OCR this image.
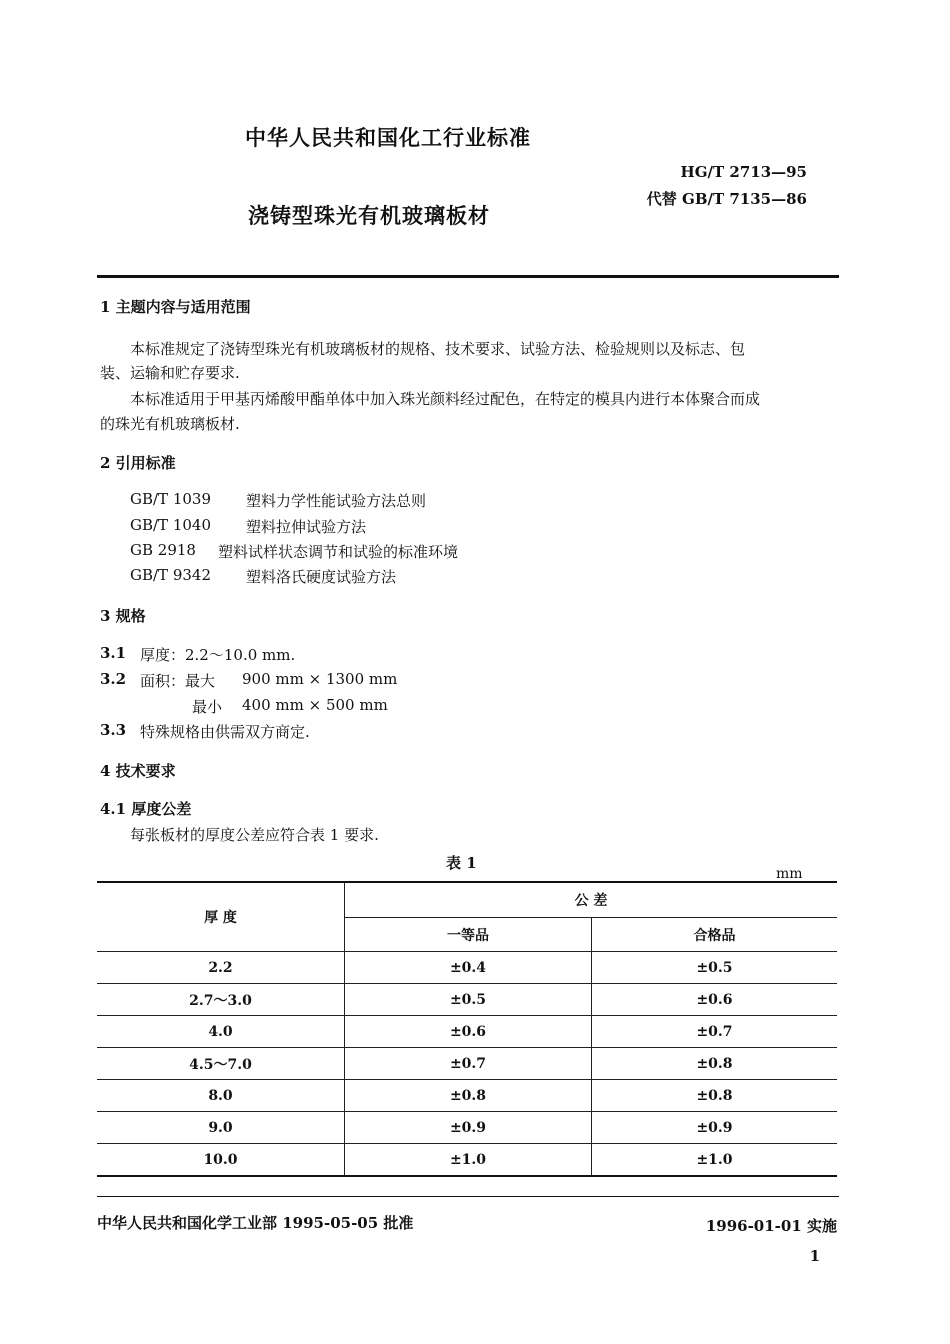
中华人民共和国化工行业标准
HG/T 2713—95
代替 GB/T 7135—86
浇铸型珠光有机玻璃板材
1 主题内容与适用范围
本标准规定了浇铸型珠光有机玻璃板材的规格、技术要求、试验方法、检验规则以及标志、包
装、运输和贮存要求.
本标准适用于甲基丙烯酸甲酯单体中加入珠光颜料经过配色，在特定的模具内进行本体聚合而成
的珠光有机玻璃板材.
2 引用标准
GB/T 1039 塑料力学性能试验方法总则
GB/T 1040 塑料拉伸试验方法
GB 2918 塑料试样状态调节和试验的标准环境
GB/T 9342 塑料洛氏硬度试验方法
3 规格
3.1 厚度：2.2～10.0 mm.
3.2 面积：最大 900 mm × 1300 mm
最小 400 mm × 500 mm
3.3 特殊规格由供需双方商定.
4 技术要求
4.1 厚度公差
每张板材的厚度公差应符合表 1 要求.
表 1
mm
厚 度	公 差	
	一等品	合格品
2.2	±0.4	±0.5
2.7～3.0	±0.5	±0.6
4.0	±0.6	±0.7
4.5～7.0	±0.7	±0.8
8.0	±0.8	±0.8
9.0	±0.9	±0.9
10.0	±1.0	±1.0
中华人民共和国化学工业部 1995-05-05 批准	1996-01-01 实施
1
